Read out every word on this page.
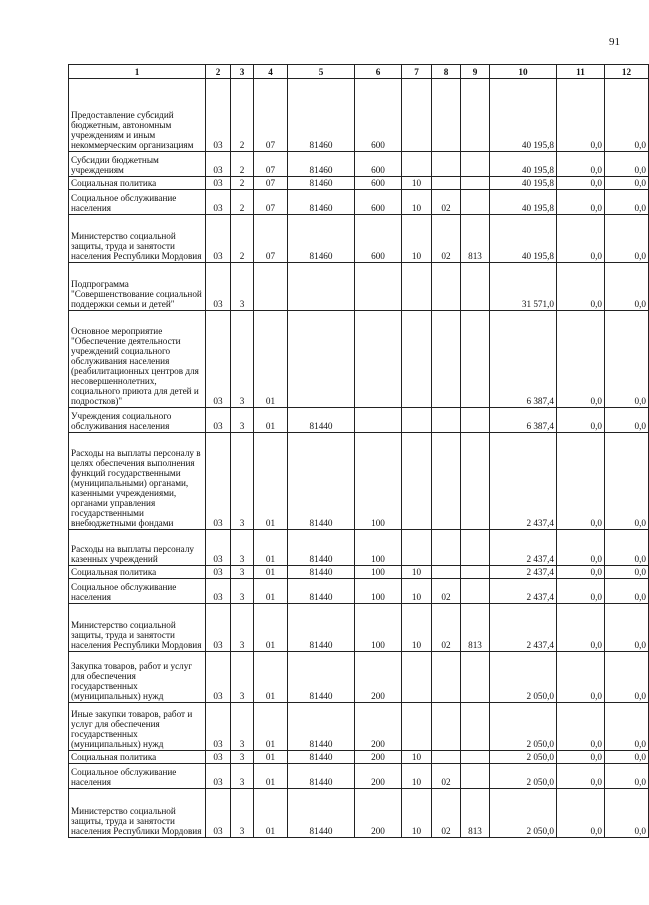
91
1	2	3	4	5	6	7	8	9	10	11	12
Предоставление субсидий бюджетным, автономным учреждениям и иным некоммерческим организациям	03	2	07	81460	600				40 195,8	0,0	0,0
Субсидии бюджетным учреждениям	03	2	07	81460	600				40 195,8	0,0	0,0
Социальная политика	03	2	07	81460	600	10			40 195,8	0,0	0,0
Социальное обслуживание населения	03	2	07	81460	600	10	02		40 195,8	0,0	0,0
Министерство социальной защиты, труда и занятости населения Республики Мордовия	03	2	07	81460	600	10	02	813	40 195,8	0,0	0,0
Подпрограмма "Совершенствование социальной поддержки семьи и детей"	03	3							31 571,0	0,0	0,0
Основное мероприятие "Обеспечение деятельности учреждений социального обслуживания населения (реабилитационных центров для несовершеннолетних, социального приюта для детей и подростков)"	03	3	01						6 387,4	0,0	0,0
Учреждения социального обслуживания населения	03	3	01	81440					6 387,4	0,0	0,0
Расходы на выплаты персоналу в целях обеспечения выполнения функций государственными (муниципальными) органами, казенными учреждениями, органами управления государственными внебюджетными фондами	03	3	01	81440	100				2 437,4	0,0	0,0
Расходы на выплаты персоналу казенных учреждений	03	3	01	81440	100				2 437,4	0,0	0,0
Социальная политика	03	3	01	81440	100	10			2 437,4	0,0	0,0
Социальное обслуживание населения	03	3	01	81440	100	10	02		2 437,4	0,0	0,0
Министерство социальной защиты, труда и занятости населения Республики Мордовия	03	3	01	81440	100	10	02	813	2 437,4	0,0	0,0
Закупка товаров, работ и услуг для обеспечения государственных (муниципальных) нужд	03	3	01	81440	200				2 050,0	0,0	0,0
Иные закупки товаров, работ и услуг для обеспечения государственных (муниципальных) нужд	03	3	01	81440	200				2 050,0	0,0	0,0
Социальная политика	03	3	01	81440	200	10			2 050,0	0,0	0,0
Социальное обслуживание населения	03	3	01	81440	200	10	02		2 050,0	0,0	0,0
Министерство социальной защиты, труда и занятости населения Республики Мордовия	03	3	01	81440	200	10	02	813	2 050,0	0,0	0,0
